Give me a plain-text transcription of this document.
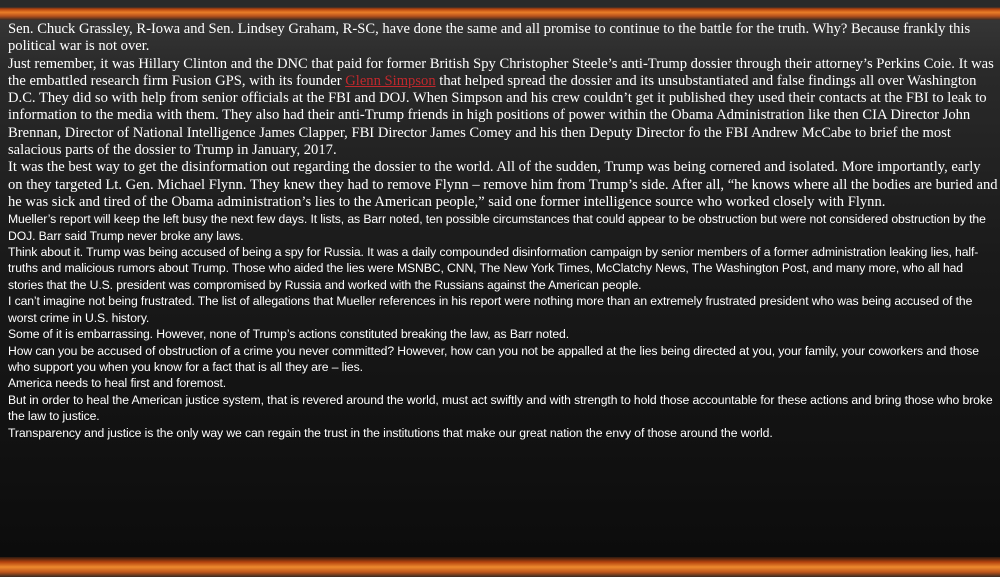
Sen. Chuck Grassley, R-Iowa and Sen. Lindsey Graham, R-SC, have done the same and all promise to continue to the battle for the truth. Why? Because frankly this political war is not over.

Just remember, it was Hillary Clinton and the DNC that paid for former British Spy Christopher Steele’s anti-Trump dossier through their attorney’s Perkins Coie. It was the embattled research firm Fusion GPS, with its founder Glenn Simpson that helped spread the dossier and its unsubstantiated and false findings all over Washington D.C. They did so with help from senior officials at the FBI and DOJ. When Simpson and his crew couldn’t get it published they used their contacts at the FBI to leak to information to the media with them. They also had their anti-Trump friends in high positions of power within the Obama Administration like then CIA Director John Brennan, Director of National Intelligence James Clapper, FBI Director James Comey and his then Deputy Director fo the FBI Andrew McCabe to brief the most salacious parts of the dossier to Trump in January, 2017.

It was the best way to get the disinformation out regarding the dossier to the world. All of the sudden, Trump was being cornered and isolated. More importantly, early on they targeted Lt. Gen. Michael Flynn. They knew they had to remove Flynn – remove him from Trump’s side. After all, “he knows where all the bodies are buried and he was sick and tired of the Obama administration’s lies to the American people,” said one former intelligence source who worked closely with Flynn.

Mueller’s report will keep the left busy the next few days. It lists, as Barr noted, ten possible circumstances that could appear to be obstruction but were not considered obstruction by the DOJ. Barr said Trump never broke any laws.

Think about it. Trump was being accused of being a spy for Russia. It was a daily compounded disinformation campaign by senior members of a former administration leaking lies, half-truths and malicious rumors about Trump. Those who aided the lies were MSNBC, CNN, The New York Times, McClatchy News, The Washington Post, and many more, who all had stories that the U.S. president was compromised by Russia and worked with the Russians against the American people.

I can’t imagine not being frustrated. The list of allegations that Mueller references in his report were nothing more than an extremely frustrated president who was being accused of the worst crime in U.S. history.

Some of it is embarrassing. However, none of Trump’s actions constituted breaking the law, as Barr noted.

How can you be accused of obstruction of a crime you never committed? However, how can you not be appalled at the lies being directed at you, your family, your coworkers and those who support you when you know for a fact that is all they are – lies.

America needs to heal first and foremost.

But in order to heal the American justice system, that is revered around the world, must act swiftly and with strength to hold those accountable for these actions and bring those who broke the law to justice.

Transparency and justice is the only way we can regain the trust in the institutions that make our great nation the envy of those around the world.
